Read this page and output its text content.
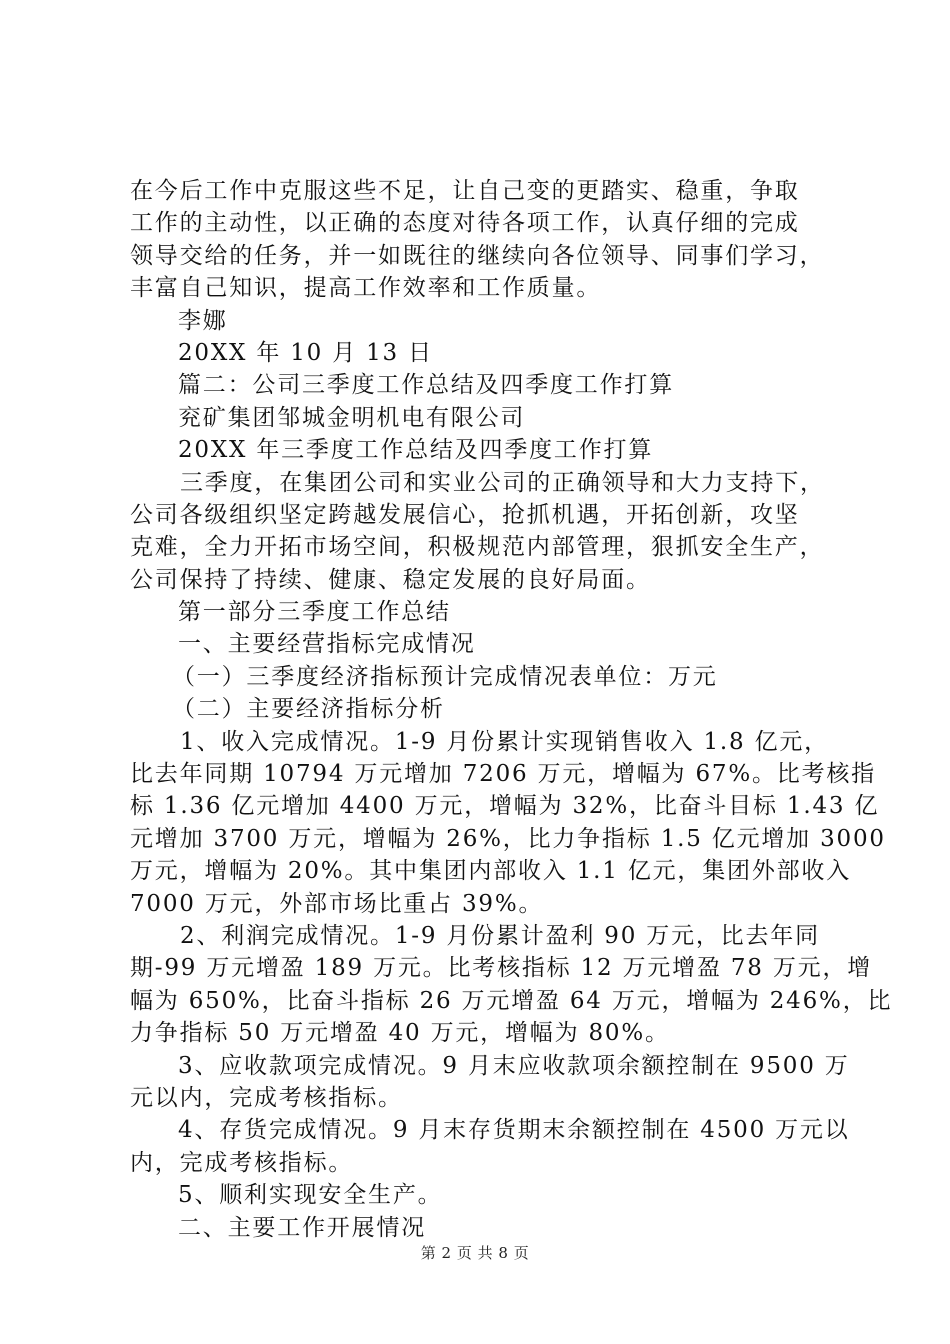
在今后工作中克服这些不足，让自己变的更踏实、稳重，争取
工作的主动性，以正确的态度对待各项工作，认真仔细的完成
领导交给的任务，并一如既往的继续向各位领导、同事们学习，
丰富自己知识，提高工作效率和工作质量。
李娜
20XX 年 10 月 13 日
篇二：公司三季度工作总结及四季度工作打算
兖矿集团邹城金明机电有限公司
20XX 年三季度工作总结及四季度工作打算
三季度，在集团公司和实业公司的正确领导和大力支持下，
公司各级组织坚定跨越发展信心，抢抓机遇，开拓创新，攻坚
克难，全力开拓市场空间，积极规范内部管理，狠抓安全生产，
公司保持了持续、健康、稳定发展的良好局面。
第一部分三季度工作总结
一、主要经营指标完成情况
（一）三季度经济指标预计完成情况表单位：万元
（二）主要经济指标分析
1、收入完成情况。1-9 月份累计实现销售收入 1.8 亿元，
比去年同期 10794 万元增加 7206 万元，增幅为 67%。比考核指
标 1.36 亿元增加 4400 万元，增幅为 32%，比奋斗目标 1.43 亿
元增加 3700 万元，增幅为 26%，比力争指标 1.5 亿元增加 3000
万元，增幅为 20%。其中集团内部收入 1.1 亿元，集团外部收入
7000 万元，外部市场比重占 39%。
2、利润完成情况。1-9 月份累计盈利 90 万元，比去年同
期-99 万元增盈 189 万元。比考核指标 12 万元增盈 78 万元，增
幅为 650%，比奋斗指标 26 万元增盈 64 万元，增幅为 246%，比
力争指标 50 万元增盈 40 万元，增幅为 80%。
3、应收款项完成情况。9 月末应收款项余额控制在 9500 万
元以内，完成考核指标。
4、存货完成情况。9 月末存货期末余额控制在 4500 万元以
内，完成考核指标。
5、顺利实现安全生产。
二、主要工作开展情况
第 2 页 共 8 页
